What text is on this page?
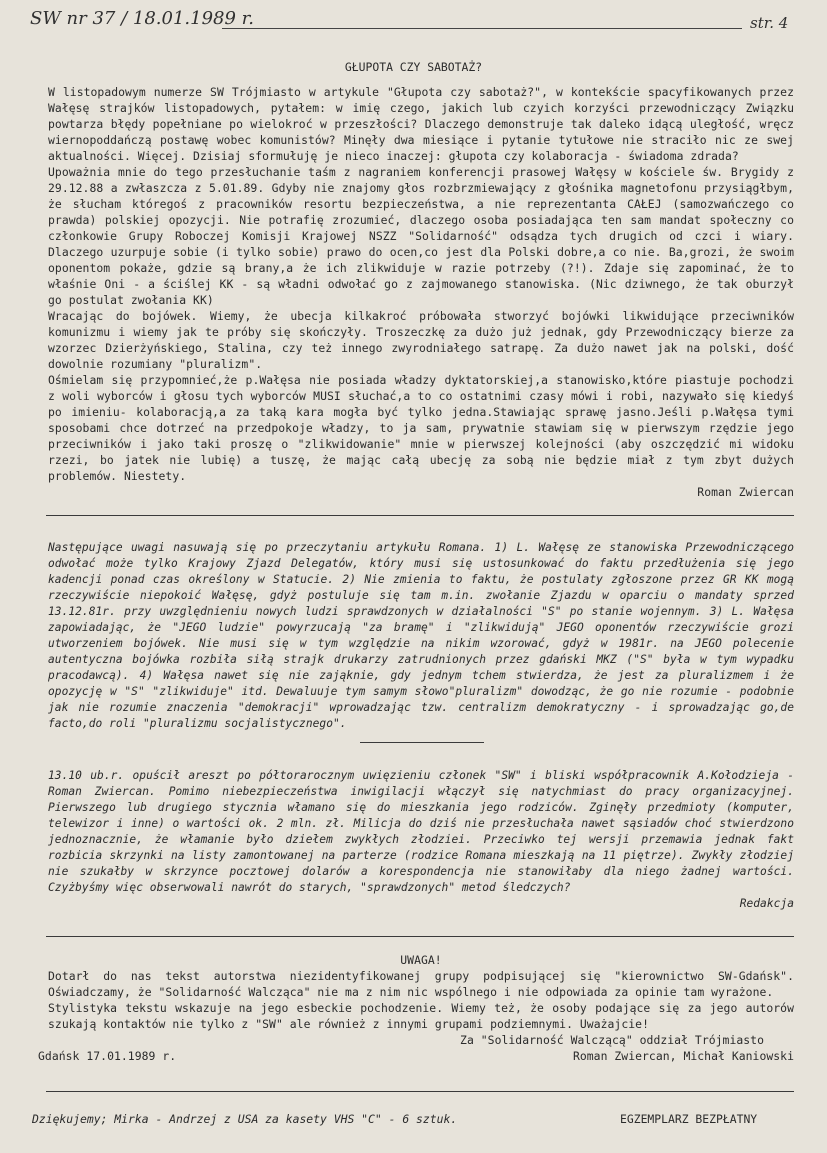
SW nr 37 / 18.01.1989 r.	str. 4
GŁUPOTA CZY SABOTAŻ?

W listopadowym numerze SW Trójmiasto w artykule "Głupota czy sabotaż?", w kontekście spacyfikowanych przez Wałęsę strajków listopadowych, pytałem: w imię czego, jakich lub czyich korzyści przewodniczący Związku powtarza błędy popełniane po wielokroć w przeszłości? Dlaczego demonstruje tak daleko idącą uległość, wręcz wiernopoddańczą postawę wobec komunistów? Minęły dwa miesiące i pytanie tytułowe nie straciło nic ze swej aktualności. Więcej. Dzisiaj sformułuję je nieco inaczej: głupota czy kolaboracja - świadoma zdrada?

Upoważnia mnie do tego przesłuchanie taśm z nagraniem konferencji prasowej Wałęsy w kościele św. Brygidy z 29.12.88 a zwłaszcza z 5.01.89. Gdyby nie znajomy głos rozbrzmiewający z głośnika magnetofonu przysiągłbym, że słucham któregoś z pracowników resortu bezpieczeństwa, a nie reprezentanta CAŁEJ (samozwańczego co prawda) polskiej opozycji. Nie potrafię zrozumieć, dlaczego osoba posiadająca ten sam mandat społeczny co członkowie Grupy Roboczej Komisji Krajowej NSZZ "Solidarność" odsądza tych drugich od czci i wiary. Dlaczego uzurpuje sobie (i tylko sobie) prawo do ocen,co jest dla Polski dobre,a co nie. Ba,grozi, że swoim oponentom pokaże, gdzie są brany,a że ich zlikwiduje w razie potrzeby (?!). Zdaje się zapominać, że to właśnie Oni - a ściślej KK - są władni odwołać go z zajmowanego stanowiska. (Nic dziwnego, że tak oburzył go postulat zwołania KK)

Wracając do bojówek. Wiemy, że ubecja kilkakroć próbowała stworzyć bojówki likwidujące przeciwników komunizmu i wiemy jak te próby się skończyły. Troszeczkę za dużo już jednak, gdy Przewodniczący bierze za wzorzec Dzierżyńskiego, Stalina, czy też innego zwyrodniałego satrapę. Za dużo nawet jak na polski, dość dowolnie rozumiany "pluralizm".

Ośmielam się przypomnieć,że p.Wałęsa nie posiada władzy dyktatorskiej,a stanowisko,które piastuje pochodzi z woli wyborców i głosu tych wyborców MUSI słuchać,a to co ostatnimi czasy mówi i robi, nazywało się kiedyś po imieniu- kolaboracją,a za taką kara mogła być tylko jedna.Stawiając sprawę jasno.Jeśli p.Wałęsa tymi sposobami chce dotrzeć na przedpokoje władzy, to ja sam, prywatnie stawiam się w pierwszym rzędzie jego przeciwników i jako taki proszę o "zlikwidowanie" mnie w pierwszej kolejności (aby oszczędzić mi widoku rzezi, bo jatek nie lubię) a tuszę, że mając całą ubecję za sobą nie będzie miał z tym zbyt dużych problemów. Niestety.

Roman Zwiercan
Następujące uwagi nasuwają się po przeczytaniu artykułu Romana. 1) L. Wałęsę ze stanowiska Przewodniczącego odwołać może tylko Krajowy Zjazd Delegatów, który musi się ustosunkować do faktu przedłużenia się jego kadencji ponad czas określony w Statucie. 2) Nie zmienia to faktu, że postulaty zgłoszone przez GR KK mogą rzeczywiście niepokoić Wałęsę, gdyż postuluje się tam m.in. zwołanie Zjazdu w oparciu o mandaty sprzed 13.12.81r. przy uwzględnieniu nowych ludzi sprawdzonych w działalności "S" po stanie wojennym. 3) L. Wałęsa zapowiadając, że "JEGO ludzie" powyrzucają "za bramę" i "zlikwidują" JEGO oponentów rzeczywiście grozi utworzeniem bojówek. Nie musi się w tym względzie na nikim wzorować, gdyż w 1981r. na JEGO polecenie autentyczna bojówka rozbiła siłą strajk drukarzy zatrudnionych przez gdański MKZ ("S" była w tym wypadku pracodawcą). 4) Wałęsa nawet się nie zająknie, gdy jednym tchem stwierdza, że jest za pluralizmem i że opozycję w "S" "zlikwiduje" itd. Dewaluuje tym samym słowo"pluralizm" dowodząc, że go nie rozumie - podobnie jak nie rozumie znaczenia "demokracji" wprowadzając tzw. centralizm demokratyczny - i sprowadzając go,de facto,do roli "pluralizmu socjalistycznego".

13.10 ub.r. opuścił areszt po półtorarocznym uwięzieniu członek "SW" i bliski współpracownik A.Kołodzieja - Roman Zwiercan. Pomimo niebezpieczeństwa inwigilacji włączył się natychmiast do pracy organizacyjnej. Pierwszego lub drugiego stycznia włamano się do mieszkania jego rodziców. Zginęły przedmioty (komputer, telewizor i inne) o wartości ok. 2 mln. zł. Milicja do dziś nie przesłuchała nawet sąsiadów choć stwierdzono jednoznacznie, że włamanie było dziełem zwykłych złodziei. Przeciwko tej wersji przemawia jednak fakt rozbicia skrzynki na listy zamontowanej na parterze (rodzice Romana mieszkają na 11 piętrze). Zwykły złodziej nie szukałby w skrzynce pocztowej dolarów a korespondencja nie stanowiłaby dla niego żadnej wartości. Czyżbyśmy więc obserwowali nawrót do starych, "sprawdzonych" metod śledczych?

Redakcja
UWAGA!

Dotarł do nas tekst autorstwa niezidentyfikowanej grupy podpisującej się "kierownictwo SW-Gdańsk". Oświadczamy, że "Solidarność Walcząca" nie ma z nim nic wspólnego i nie odpowiada za opinie tam wyrażone.

Stylistyka tekstu wskazuje na jego esbeckie pochodzenie. Wiemy też, że osoby podające się za jego autorów szukają kontaktów nie tylko z "SW" ale również z innymi grupami podziemnymi. Uważajcie!

Za "Solidarność Walczącą" oddział Trójmiasto
Gdańsk 17.01.1989 r.	Roman Zwiercan, Michał Kaniowski
Dziękujemy; Mirka - Andrzej z USA za kasety VHS "C" - 6 sztuk.	EGZEMPLARZ BEZPŁATNY
